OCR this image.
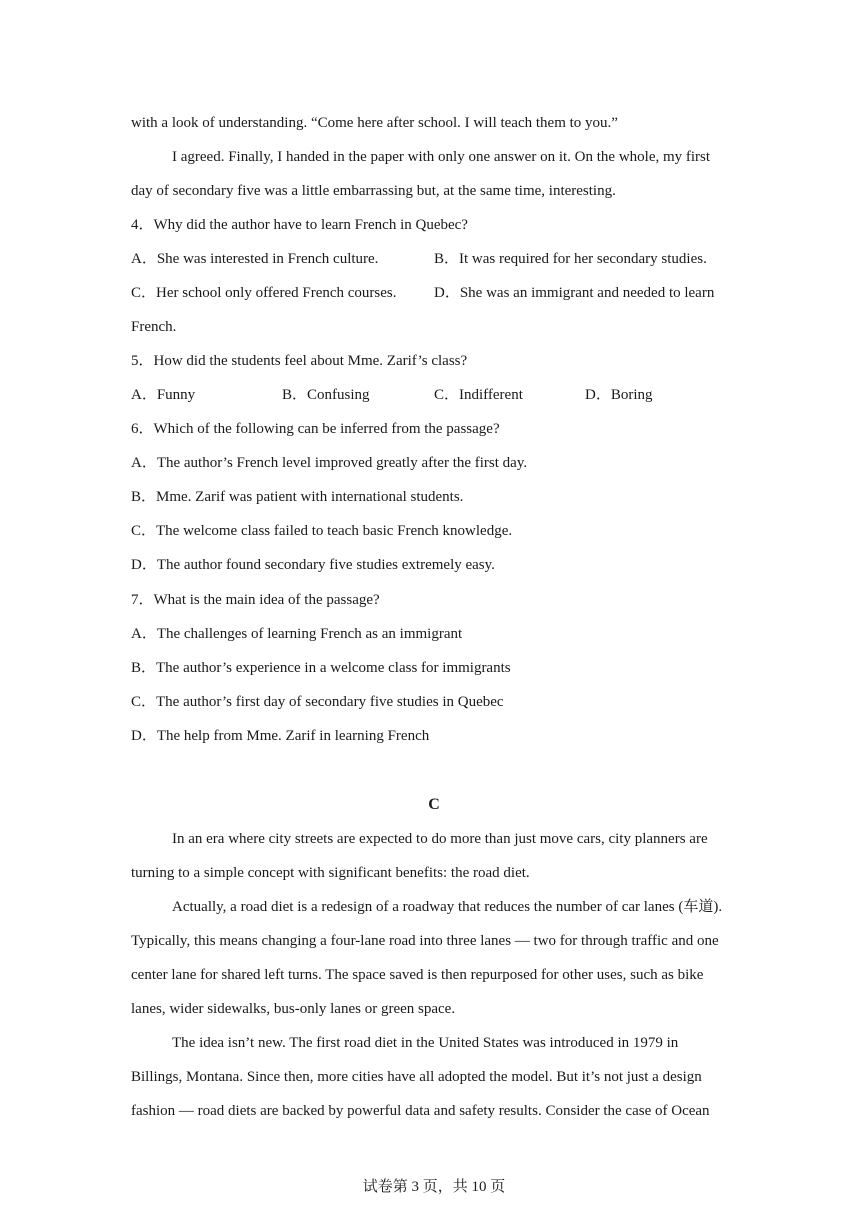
with a look of understanding. “Come here after school. I will teach them to you.”
I agreed. Finally, I handed in the paper with only one answer on it. On the whole, my first
day of secondary five was a little embarrassing but, at the same time, interesting.
4．Why did the author have to learn French in Quebec?
A．She was interested in French culture.	B．It was required for her secondary studies.
C．Her school only offered French courses.	D．She was an immigrant and needed to learn
French.
5．How did the students feel about Mme. Zarif’s class?
A．Funny	B．Confusing	C．Indifferent	D．Boring
6．Which of the following can be inferred from the passage?
A．The author’s French level improved greatly after the first day.
B．Mme. Zarif was patient with international students.
C．The welcome class failed to teach basic French knowledge.
D．The author found secondary five studies extremely easy.
7．What is the main idea of the passage?
A．The challenges of learning French as an immigrant
B．The author’s experience in a welcome class for immigrants
C．The author’s first day of secondary five studies in Quebec
D．The help from Mme. Zarif in learning French
C
In an era where city streets are expected to do more than just move cars, city planners are
turning to a simple concept with significant benefits: the road diet.
Actually, a road diet is a redesign of a roadway that reduces the number of car lanes (车道).
Typically, this means changing a four-lane road into three lanes — two for through traffic and one
center lane for shared left turns. The space saved is then repurposed for other uses, such as bike
lanes, wider sidewalks, bus-only lanes or green space.
The idea isn’t new. The first road diet in the United States was introduced in 1979 in
Billings, Montana. Since then, more cities have all adopted the model. But it’s not just a design
fashion — road diets are backed by powerful data and safety results. Consider the case of Ocean
试卷第 3 页，共 10 页
